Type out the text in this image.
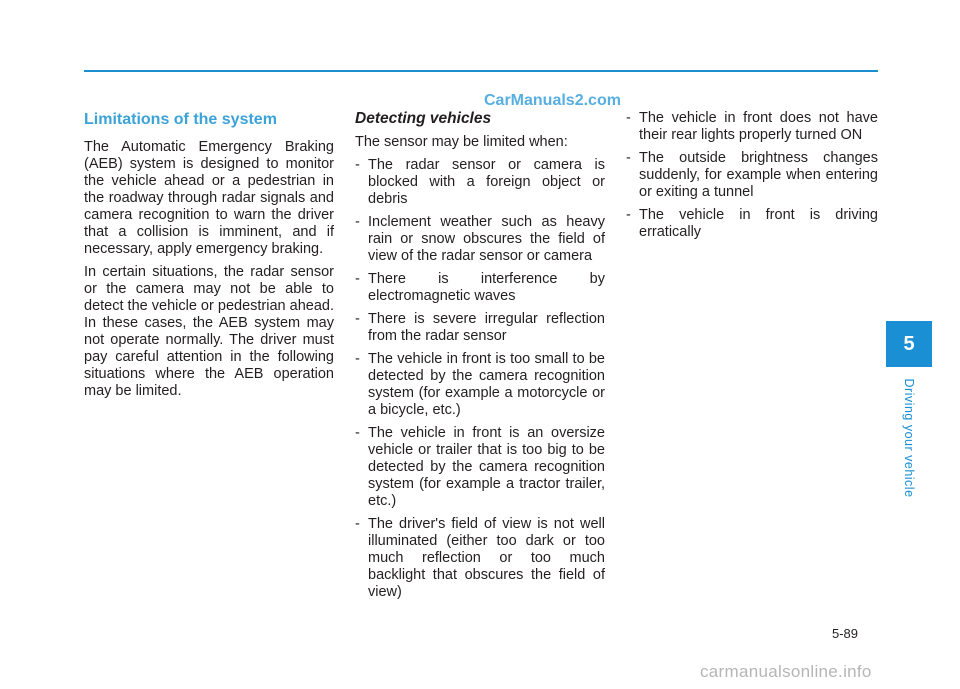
CarManuals2.com
Limitations of the system

The Automatic Emergency Braking (AEB) system is designed to monitor the vehicle ahead or a pedestrian in the roadway through radar signals and camera recognition to warn the driver that a collision is imminent, and if necessary, apply emergency braking.

In certain situations, the radar sensor or the camera may not be able to detect the vehicle or pedestrian ahead. In these cases, the AEB system may not operate normally. The driver must pay careful attention in the following situations where the AEB operation may be limited.

Detecting vehicles

The sensor may be limited when:

- The radar sensor or camera is blocked with a foreign object or debris
- Inclement weather such as heavy rain or snow obscures the field of view of the radar sensor or camera
- There is interference by electromagnetic waves
- There is severe irregular reflection from the radar sensor
- The vehicle in front is too small to be detected by the camera recognition system (for example a motorcycle or a bicycle, etc.)
- The vehicle in front is an oversize vehicle or trailer that is too big to be detected by the camera recognition system (for example a tractor trailer, etc.)
- The driver's field of view is not well illuminated (either too dark or too much reflection or too much backlight that obscures the field of view)
- The vehicle in front does not have their rear lights properly turned ON
- The outside brightness changes suddenly, for example when entering or exiting a tunnel
- The vehicle in front is driving erratically
5
Driving your vehicle
5-89
carmanualsonline.info
